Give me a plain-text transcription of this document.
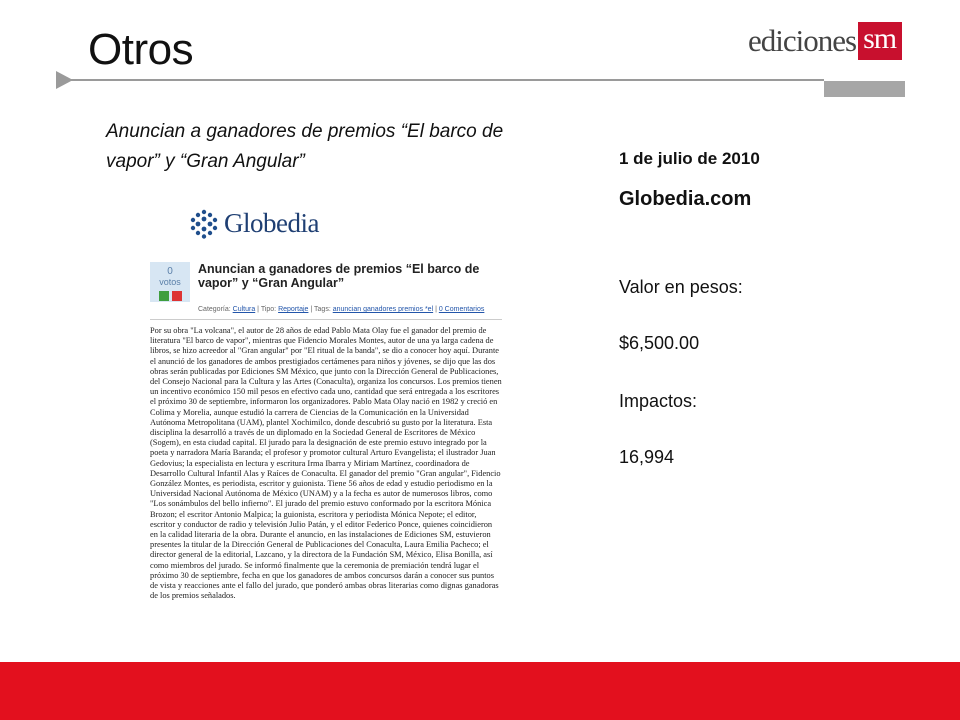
Otros	ediciones sm
Anuncian a ganadores de premios “El barco de vapor” y “Gran Angular”
Globedia
0
votos
Anuncian a ganadores de premios “El barco de vapor” y “Gran Angular”
Categoría: Cultura | Tipo: Reportaje | Tags: anuncian ganadores premios *el | 0 Comentarios
Por su obra "La volcana", el autor de 28 años de edad Pablo Mata Olay fue el ganador del premio de literatura "El barco de vapor", mientras que Fidencio Morales Montes, autor de una ya larga cadena de libros, se hizo acreedor al "Gran angular" por "El ritual de la banda", se dio a conocer hoy aquí. Durante el anunció de los ganadores de ambos prestigiados certámenes para niños y jóvenes, se dijo que las dos obras serán publicadas por Ediciones SM México, que junto con la Dirección General de Publicaciones, del Consejo Nacional para la Cultura y las Artes (Conaculta), organiza los concursos. Los premios tienen un incentivo económico 150 mil pesos en efectivo cada uno, cantidad que será entregada a los escritores el próximo 30 de septiembre, informaron los organizadores. Pablo Mata Olay nació en 1982 y creció en Colima y Morelia, aunque estudió la carrera de Ciencias de la Comunicación en la Universidad Autónoma Metropolitana (UAM), plantel Xochimilco, donde descubrió su gusto por la literatura. Esta disciplina la desarrolló a través de un diplomado en la Sociedad General de Escritores de México (Sogem), en esta ciudad capital. El jurado para la designación de este premio estuvo integrado por la poeta y narradora María Baranda; el profesor y promotor cultural Arturo Evangelista; el ilustrador Juan Gedovius; la especialista en lectura y escritura Irma Ibarra y Miriam Martínez, coordinadora de Desarrollo Cultural Infantil Alas y Raíces de Conaculta. El ganador del premio "Gran angular", Fidencio González Montes, es periodista, escritor y guionista. Tiene 56 años de edad y estudio periodismo en la Universidad Nacional Autónoma de México (UNAM) y a la fecha es autor de numerosos libros, como "Los sonámbulos del bello infierno". El jurado del premio estuvo conformado por la escritora Mónica Brozon; el escritor Antonio Malpica; la guionista, escritora y periodista Mónica Nepote; el editor, escritor y conductor de radio y televisión Julio Patán, y el editor Federico Ponce, quienes coincidieron en la calidad literaria de la obra. Durante el anuncio, en las instalaciones de Ediciones SM, estuvieron presentes la titular de la Dirección General de Publicaciones del Conaculta, Laura Emilia Pacheco; el director general de la editorial, Lazcano, y la directora de la Fundación SM, México, Elisa Bonilla, así como miembros del jurado. Se informó finalmente que la ceremonia de premiación tendrá lugar el próximo 30 de septiembre, fecha en que los ganadores de ambos concursos darán a conocer sus puntos de vista y reacciones ante el fallo del jurado, que ponderó ambas obras literarias como dignas ganadoras de los premios señalados.
1 de julio de 2010
Globedia.com
Valor en pesos:
$6,500.00
Impactos:
16,994
